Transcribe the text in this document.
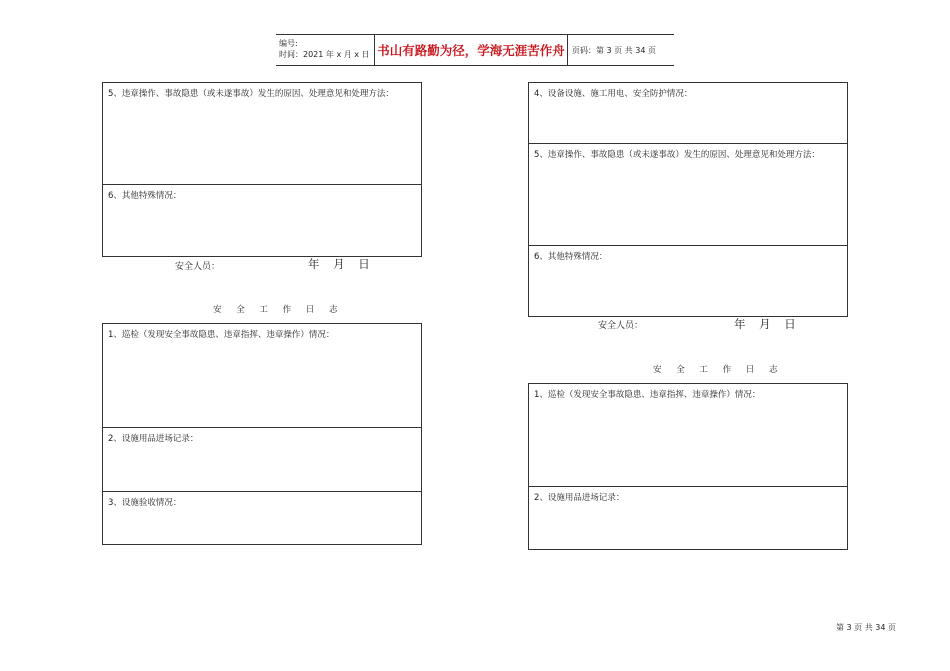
编号:
时间：2021 年 x 月 x 日 书山有路勤为径，学海无涯苦作舟 页码：第 3 页 共 34 页
5、违章操作、事故隐患（或未遂事故）发生的原因、处理意见和处理方法：
6、其他特殊情况：
安全人员：	年 月 日
安 全 工 作 日 志
1、巡检（发现安全事故隐患、违章指挥、违章操作）情况：
2、设施用品进场记录：
3、设施验收情况：
4、设备设施、施工用电、安全防护情况：
5、违章操作、事故隐患（或未遂事故）发生的原因、处理意见和处理方法：
6、其他特殊情况：
安全人员：	年 月 日
安 全 工 作 日 志
1、巡检（发现安全事故隐患、违章指挥、违章操作）情况：
2、设施用品进场记录：
第 3 页 共 34 页
